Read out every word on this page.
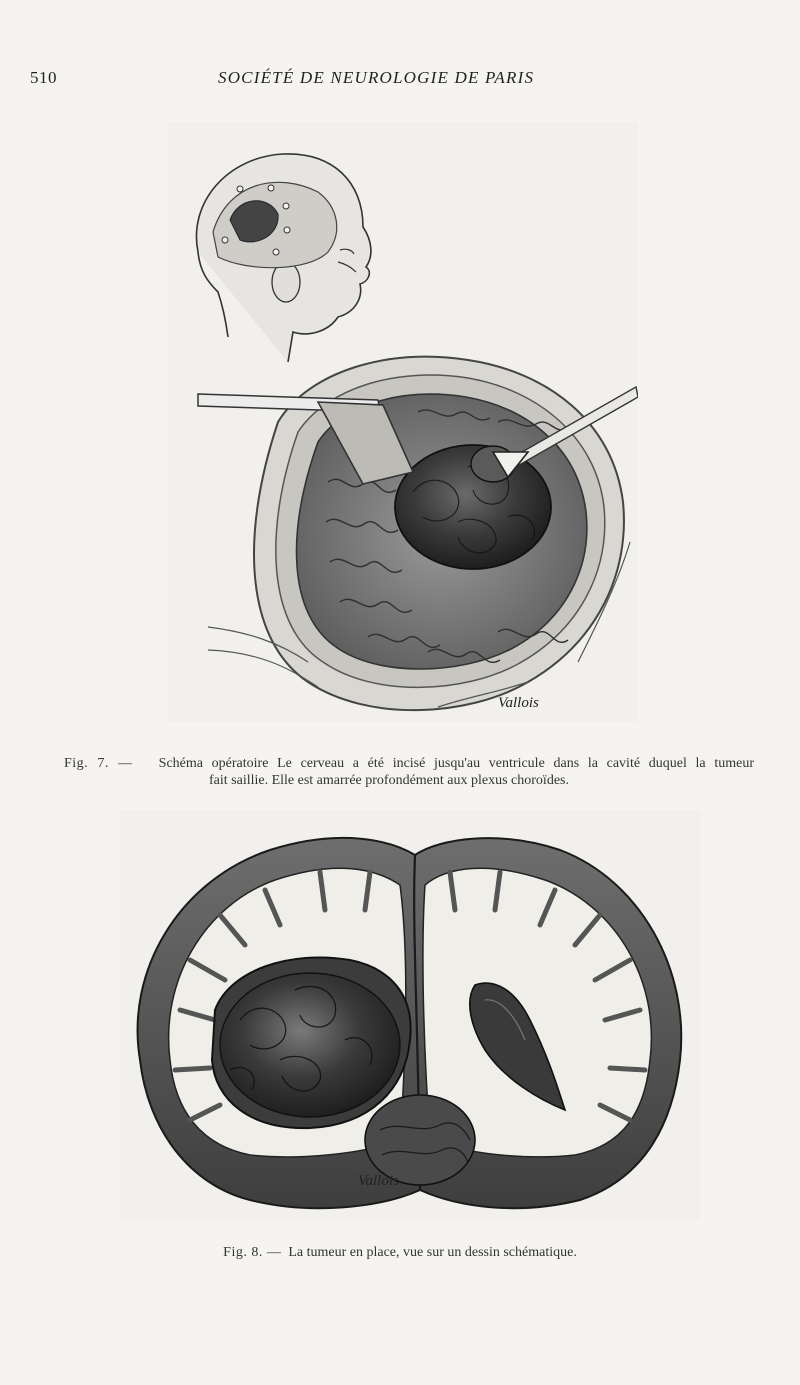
510	SOCIÉTÉ DE NEUROLOGIE DE PARIS
Vallois
Fig. 7. — Schéma opératoire Le cerveau a été incisé jusqu'au ventricule dans la cavité duquel la tumeur
fait saillie. Elle est amarrée profondément aux plexus choroïdes.
Vallois
Fig. 8. — La tumeur en place, vue sur un dessin schématique.
